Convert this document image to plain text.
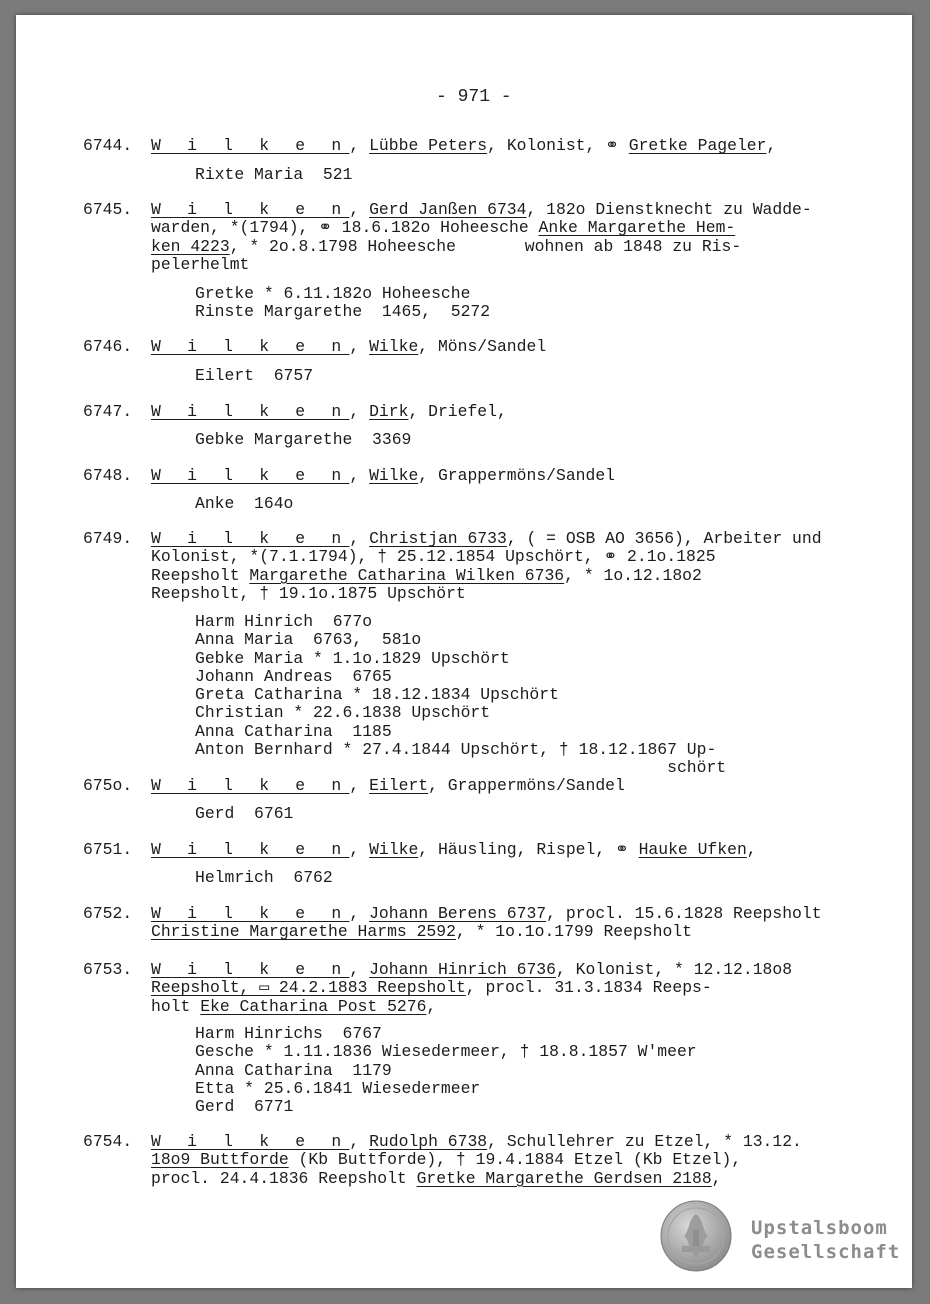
- 971 -

6744. W i l k e n, Lübbe Peters, Kolonist, ⚭ Gretke Pageler,

Rixte Maria  521

6745. W i l k e n, Gerd Janßen 6734, 182o Dienstknecht zu Wadde-
warden, *(1794), ⚭ 18.6.182o Hoheesche Anke Margarethe Hem-
ken 4223, * 2o.8.1798 Hoheesche       wohnen ab 1848 zu Ris-
pelerhelmt

Gretke * 6.11.182o Hoheesche
Rinste Margarethe  1465,  5272

6746. W i l k e n, Wilke, Möns/Sandel

Eilert  6757

6747. W i l k e n, Dirk, Driefel,

Gebke Margarethe  3369

6748. W i l k e n, Wilke, Grappermöns/Sandel

Anke  164o

6749. W i l k e n, Christjan 6733, ( = OSB AO 3656), Arbeiter und
Kolonist, *(7.1.1794), † 25.12.1854 Upschört, ⚭ 2.1o.1825
Reepsholt Margarethe Catharina Wilken 6736, * 1o.12.18o2
Reepsholt, † 19.1o.1875 Upschört

Harm Hinrich  677o
Anna Maria  6763,  581o
Gebke Maria * 1.1o.1829 Upschört
Johann Andreas  6765
Greta Catharina * 18.12.1834 Upschört
Christian * 22.6.1838 Upschört
Anna Catharina  1185
Anton Bernhard * 27.4.1844 Upschört, † 18.12.1867 Up-
schört

675o. W i l k e n, Eilert, Grappermöns/Sandel

Gerd  6761

6751. W i l k e n, Wilke, Häusling, Rispel, ⚭ Hauke Ufken,

Helmrich  6762

6752. W i l k e n, Johann Berens 6737, procl. 15.6.1828 Reepsholt
Christine Margarethe Harms 2592, * 1o.1o.1799 Reepsholt

6753. W i l k e n, Johann Hinrich 6736, Kolonist, * 12.12.18o8
Reepsholt, ▭ 24.2.1883 Reepsholt, procl. 31.3.1834 Reeps-
holt Eke Catharina Post 5276,

Harm Hinrichs  6767
Gesche * 1.11.1836 Wiesedermeer, † 18.8.1857 W'meer
Anna Catharina  1179
Etta * 25.6.1841 Wiesedermeer
Gerd  6771

6754. W i l k e n, Rudolph 6738, Schullehrer zu Etzel, * 13.12.
18o9 Buttforde (Kb Buttforde), † 19.4.1884 Etzel (Kb Etzel),
procl. 24.4.1836 Reepsholt Gretke Margarethe Gerdsen 2188,

Upstalsboom
Gesellschaft
